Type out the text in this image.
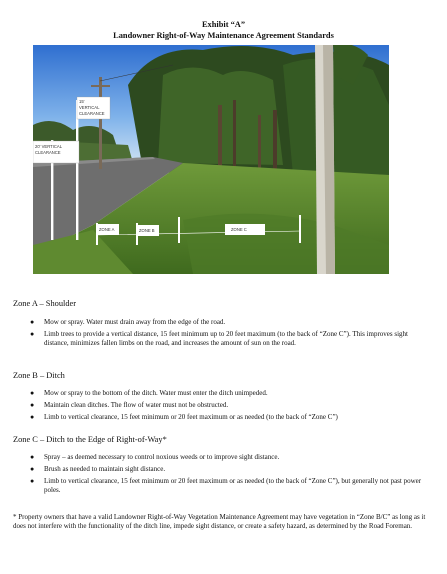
Exhibit “A”
Landowner Right-of-Way Maintenance Agreement Standards
15'
VERTICAL
CLEARANCE
20' VERTICAL
CLEARANCE
ZONE A	ZONE B	ZONE C
Zone A – Shoulder
● Mow or spray. Water must drain away from the edge of the road.
● Limb trees to provide a vertical distance, 15 feet minimum up to 20 feet maximum (to the back of “Zone C”). This improves sight distance, minimizes fallen limbs on the road, and increases the amount of sun on the road.
Zone B – Ditch
● Mow or spray to the bottom of the ditch. Water must enter the ditch unimpeded.
● Maintain clean ditches. The flow of water must not be obstructed.
● Limb to vertical clearance, 15 feet minimum or 20 feet maximum or as needed (to the back of “Zone C”)
Zone C – Ditch to the Edge of Right-of-Way*
● Spray – as deemed necessary to control noxious weeds or to improve sight distance.
● Brush as needed to maintain sight distance.
● Limb to vertical clearance, 15 feet minimum or 20 feet maximum or as needed (to the back of “Zone C”), but generally not past power poles.
* Property owners that have a valid Landowner Right-of-Way Vegetation Maintenance Agreement may have vegetation in “Zone B/C” as long as it does not interfere with the functionality of the ditch line, impede sight distance, or create a safety hazard, as determined by the Road Foreman.
